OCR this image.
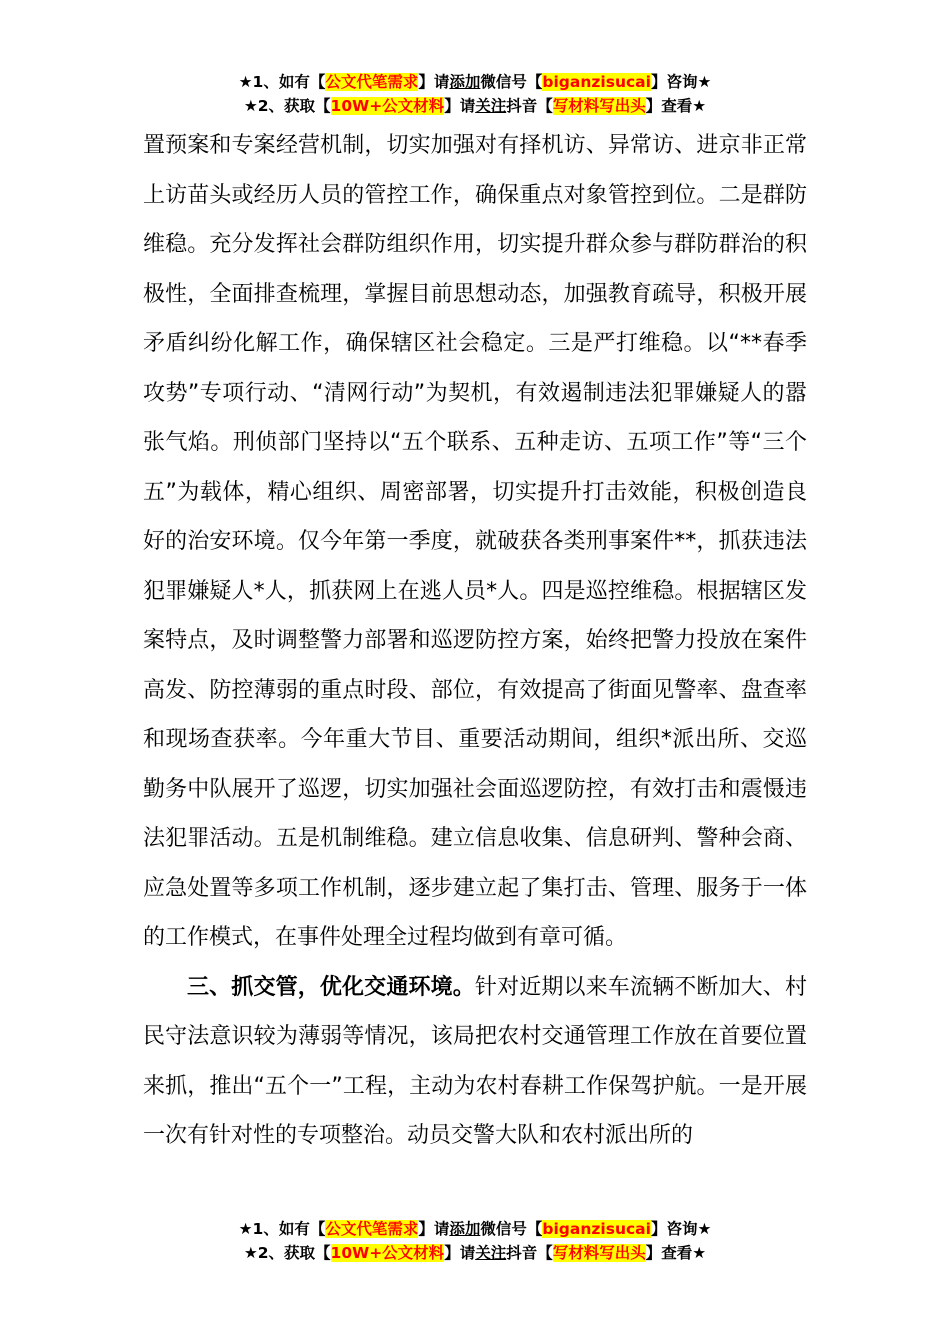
★1、如有【公文代笔需求】请添加微信号【biganzisucai】咨询★
★2、获取【10W+公文材料】请关注抖音【写材料写出头】查看★

置预案和专案经营机制，切实加强对有择机访、异常访、进京非正常上访苗头或经历人员的管控工作，确保重点对象管控到位。二是群防维稳。充分发挥社会群防组织作用，切实提升群众参与群防群治的积极性，全面排查梳理，掌握目前思想动态，加强教育疏导，积极开展矛盾纠纷化解工作，确保辖区社会稳定。三是严打维稳。以“**春季攻势”专项行动、“清网行动”为契机，有效遏制违法犯罪嫌疑人的嚣张气焰。刑侦部门坚持以“五个联系、五种走访、五项工作”等“三个五”为载体，精心组织、周密部署，切实提升打击效能，积极创造良好的治安环境。仅今年第一季度，就破获各类刑事案件**，抓获违法犯罪嫌疑人*人，抓获网上在逃人员*人。四是巡控维稳。根据辖区发案特点，及时调整警力部署和巡逻防控方案，始终把警力投放在案件高发、防控薄弱的重点时段、部位，有效提高了街面见警率、盘查率和现场查获率。今年重大节目、重要活动期间，组织*派出所、交巡勤务中队展开了巡逻，切实加强社会面巡逻防控，有效打击和震慑违法犯罪活动。五是机制维稳。建立信息收集、信息研判、警种会商、应急处置等多项工作机制，逐步建立起了集打击、管理、服务于一体的工作模式，在事件处理全过程均做到有章可循。

三、抓交管，优化交通环境。针对近期以来车流辆不断加大、村民守法意识较为薄弱等情况，该局把农村交通管理工作放在首要位置来抓，推出“五个一”工程，主动为农村春耕工作保驾护航。一是开展一次有针对性的专项整治。动员交警大队和农村派出所的

★1、如有【公文代笔需求】请添加微信号【biganzisucai】咨询★
★2、获取【10W+公文材料】请关注抖音【写材料写出头】查看★
